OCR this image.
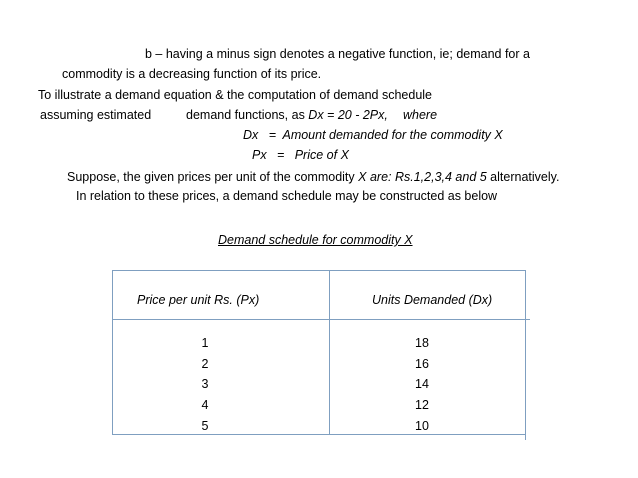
b – having a minus sign denotes a negative function, ie; demand for a
commodity is a decreasing function of its price.
To illustrate a demand equation & the computation of demand schedule
assuming estimated	demand functions, as Dx = 20 - 2Px, where
Dx   =  Amount demanded for the commodity X
Px   =   Price of X
Suppose, the given prices per unit of the commodity X are: Rs.1,2,3,4 and 5 alternatively.
In relation to these prices, a demand schedule may be constructed as below
Demand schedule for commodity X
Price per unit Rs. (Px)	Units Demanded (Dx)
1	18
2	16
3	14
4	12
5	10
